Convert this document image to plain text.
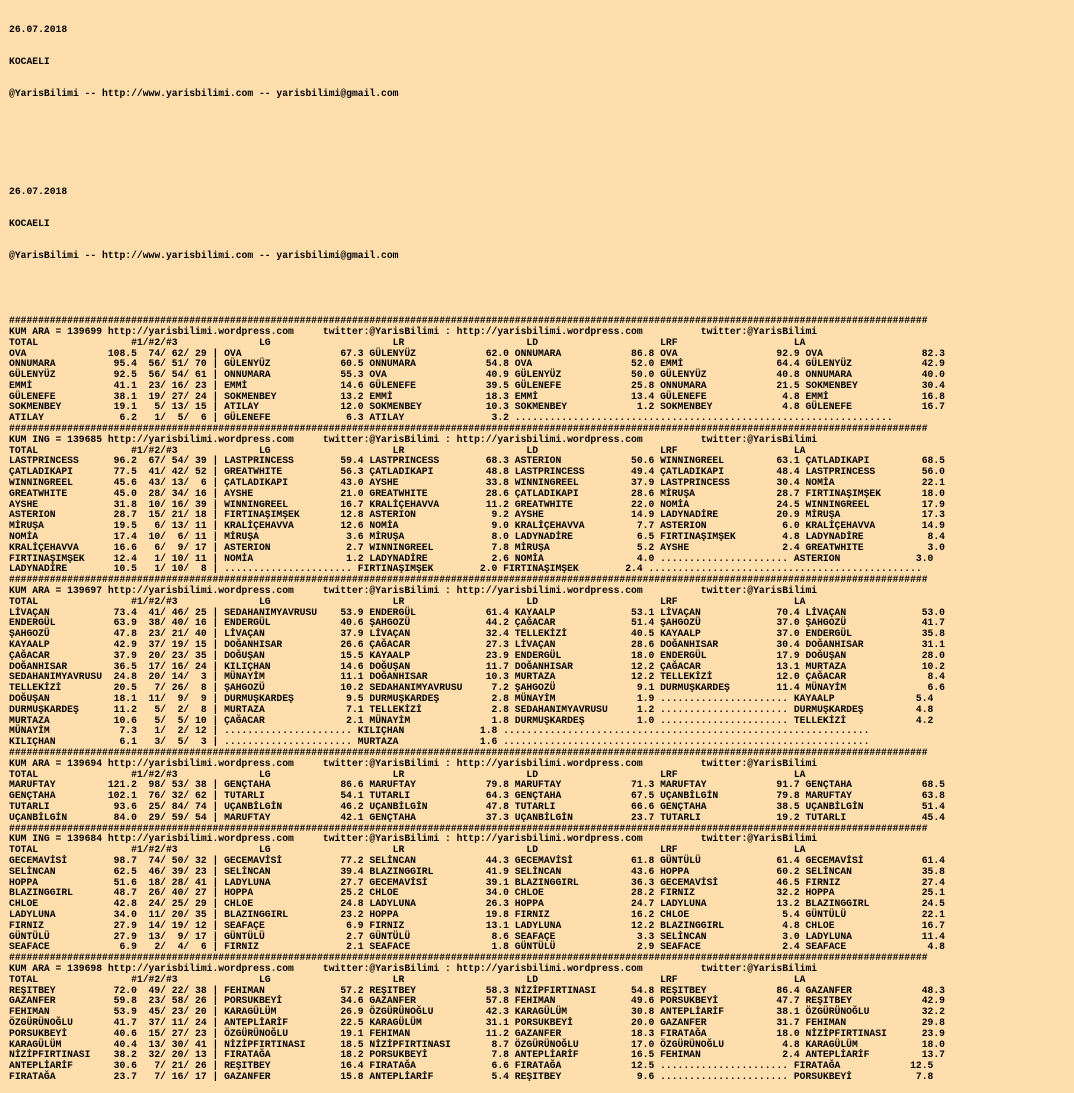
26.07.2018

KOCAELI

@YarisBilimi -- http://www.yarisbilimi.com -- yarisbilimi@gmail.com

26.07.2018

KOCAELI

@YarisBilimi -- http://www.yarisbilimi.com -- yarisbilimi@gmail.com

##############################################################################################################################################################
KUM ARA = 139699 http://yarisbilimi.wordpress.com     twitter:@YarisBilimi : http://yarisbilimi.wordpress.com          twitter:@YarisBilimi
TOTAL                #1/#2/#3              LG                     LR                     LD                     LRF                    LA
OVA              108.5  74/ 62/ 29 | OVA                 67.3 GÜLENYÜZ            62.0 ONNUMARA            86.8 OVA                 92.9 OVA                 82.3
ONNUMARA          95.4  56/ 51/ 70 | GÜLENYÜZ            60.5 ONNUMARA            54.8 OVA                 52.0 EMMİ                64.4 GÜLENYÜZ            42.9
GÜLENYÜZ          92.5  56/ 54/ 61 | ONNUMARA            55.3 OVA                 40.9 GÜLENYÜZ            50.0 GÜLENYÜZ            40.8 ONNUMARA            40.0
EMMİ              41.1  23/ 16/ 23 | EMMİ                14.6 GÜLENEFE            39.5 GÜLENEFE            25.8 ONNUMARA            21.5 SOKMENBEY           30.4
GÜLENEFE          38.1  19/ 27/ 24 | SOKMENBEY           13.2 EMMİ                18.3 EMMİ                13.4 GÜLENEFE             4.8 EMMİ                16.8
SOKMENBEY         19.1   5/ 13/ 15 | ATILAY              12.0 SOKMENBEY           10.3 SOKMENBEY            1.2 SOKMENBEY            4.8 GÜLENEFE            16.7
ATILAY             6.2   1/  5/  6 | GÜLENEFE             6.3 ATILAY               3.2 .................................................................
##############################################################################################################################################################
KUM ING = 139685 http://yarisbilimi.wordpress.com     twitter:@YarisBilimi : http://yarisbilimi.wordpress.com          twitter:@YarisBilimi
TOTAL                #1/#2/#3              LG                     LR                     LD                     LRF                    LA
LASTPRINCESS      96.2  67/ 54/ 39 | LASTPRINCESS        59.4 LASTPRINCESS        68.3 ASTERION            50.6 WINNINGREEL         63.1 ÇATLADIKAPI         68.5
ÇATLADIKAPI       77.5  41/ 42/ 52 | GREATWHITE          56.3 ÇATLADIKAPI         48.8 LASTPRINCESS        49.4 ÇATLADIKAPI         48.4 LASTPRINCESS        56.0
WINNINGREEL       45.6  43/ 13/  6 | ÇATLADIKAPI         43.0 AYSHE               33.8 WINNINGREEL         37.9 LASTPRINCESS        30.4 NOMİA               22.1
GREATWHITE        45.0  28/ 34/ 16 | AYSHE               21.0 GREATWHITE          28.6 ÇATLADIKAPI         28.6 MİRUŞA              28.7 FIRTINAŞIMŞEK       18.0
AYSHE             31.8  10/ 16/ 39 | WINNINGREEL         16.7 KRALİÇEHAVVA        11.2 GREATWHITE          22.0 NOMİA               24.5 WINNINGREEL         17.9
ASTERION          28.7  15/ 21/ 18 | FIRTINAŞIMŞEK       12.8 ASTERION             9.2 AYSHE               14.9 LADYNADİRE          20.9 MİRUŞA              17.3
MİRUŞA            19.5   6/ 13/ 11 | KRALİÇEHAVVA        12.6 NOMİA                9.0 KRALİÇEHAVVA         7.7 ASTERION             6.0 KRALİÇEHAVVA        14.9
NOMİA             17.4  10/  6/ 11 | MİRUŞA               3.6 MİRUŞA               8.0 LADYNADİRE           6.5 FIRTINAŞIMŞEK        4.8 LADYNADİRE           8.4
KRALİÇEHAVVA      16.6   6/  9/ 17 | ASTERION             2.7 WINNINGREEL          7.8 MİRUŞA               5.2 AYSHE                2.4 GREATWHITE           3.0
FIRTINAŞIMŞEK     12.4   1/ 10/ 11 | NOMİA                1.2 LADYNADİRE           2.6 NOMİA                4.0 ...................... ASTERION             3.0
LADYNADİRE        10.5   1/ 10/  8 | ...................... FIRTINAŞIMŞEK        2.0 FIRTINAŞIMŞEK        2.4 ...............................................
##############################################################################################################################################################
KUM ARA = 139697 http://yarisbilimi.wordpress.com     twitter:@YarisBilimi : http://yarisbilimi.wordpress.com          twitter:@YarisBilimi
TOTAL                #1/#2/#3              LG                     LR                     LD                     LRF                    LA
LİVAÇAN           73.4  41/ 46/ 25 | SEDAHANIMYAVRUSU    53.9 ENDERGÜL            61.4 KAYAALP             53.1 LİVAÇAN             70.4 LİVAÇAN             53.0
ENDERGÜL          63.9  38/ 40/ 16 | ENDERGÜL            40.6 ŞAHGOZÜ             44.2 ÇAĞACAR             51.4 ŞAHGOZÜ             37.0 ŞAHGOZÜ             41.7
ŞAHGOZÜ           47.8  23/ 21/ 40 | LİVAÇAN             37.9 LİVAÇAN             32.4 TELLEKİZİ           40.5 KAYAALP             37.0 ENDERGÜL            35.8
KAYAALP           42.9  37/ 19/ 15 | DOĞANHISAR          26.6 ÇAĞACAR             27.3 LİVAÇAN             28.6 DOĞANHISAR          30.4 DOĞANHISAR          31.1
ÇAĞACAR           37.9  20/ 23/ 35 | DOĞUŞAN             15.5 KAYAALP             23.9 ENDERGÜL            18.0 ENDERGÜL            17.9 DOĞUŞAN             28.0
DOĞANHISAR        36.5  17/ 16/ 24 | KILIÇHAN            14.6 DOĞUŞAN             11.7 DOĞANHISAR          12.2 ÇAĞACAR             13.1 MURTAZA             10.2
SEDAHANIMYAVRUSU  24.8  20/ 14/  3 | MÜNAYİM             11.1 DOĞANHISAR          10.3 MURTAZA             12.2 TELLEKİZİ           12.0 ÇAĞACAR              8.4
TELLEKİZİ         20.5   7/ 26/  8 | ŞAHGOZÜ             10.2 SEDAHANIMYAVRUSU     7.2 ŞAHGOZÜ              9.1 DURMUŞKARDEŞ        11.4 MÜNAYİM              6.6
DOĞUŞAN           18.1  11/  9/  9 | DURMUŞKARDEŞ         9.5 DURMUŞKARDEŞ         2.8 MÜNAYİM              1.9 ...................... KAYAALP              5.4
DURMUŞKARDEŞ      11.2   5/  2/  8 | MURTAZA              7.1 TELLEKİZİ            2.8 SEDAHANIMYAVRUSU     1.2 ...................... DURMUŞKARDEŞ         4.8
MURTAZA           10.6   5/  5/ 10 | ÇAĞACAR              2.1 MÜNAYİM              1.8 DURMUŞKARDEŞ         1.0 ...................... TELLEKİZİ            4.2
MÜNAYİM            7.3   1/  2/ 12 | ...................... KILIÇHAN             1.8 ...............................................................
KILIÇHAN           6.1   3/  5/  3 | ...................... MURTAZA              1.6 ...............................................................
##############################################################################################################################################################
KUM ARA = 139694 http://yarisbilimi.wordpress.com     twitter:@YarisBilimi : http://yarisbilimi.wordpress.com          twitter:@YarisBilimi
TOTAL                #1/#2/#3              LG                     LR                     LD                     LRF                    LA
MARUFTAY         121.2  98/ 53/ 38 | GENÇTAHA            86.6 MARUFTAY            79.8 MARUFTAY            71.3 MARUFTAY            91.7 GENÇTAHA            68.5
GENÇTAHA         102.1  76/ 32/ 62 | TUTARLI             54.1 TUTARLI             64.3 GENÇTAHA            67.5 UÇANBİLGİN          79.8 MARUFTAY            63.8
TUTARLI           93.6  25/ 84/ 74 | UÇANBİLGİN          46.2 UÇANBİLGİN          47.8 TUTARLI             66.6 GENÇTAHA            38.5 UÇANBİLGİN          51.4
UÇANBİLGİN        84.0  29/ 59/ 54 | MARUFTAY            42.1 GENÇTAHA            37.3 UÇANBİLGİN          23.7 TUTARLI             19.2 TUTARLI             45.4
##############################################################################################################################################################
KUM ING = 139684 http://yarisbilimi.wordpress.com     twitter:@YarisBilimi : http://yarisbilimi.wordpress.com          twitter:@YarisBilimi
TOTAL                #1/#2/#3              LG                     LR                     LD                     LRF                    LA
GECEMAVİSİ        98.7  74/ 50/ 32 | GECEMAVİSİ          77.2 SELİNCAN            44.3 GECEMAVİSİ          61.8 GÜNTÜLÜ             61.4 GECEMAVİSİ          61.4
SELİNCAN          62.5  46/ 39/ 23 | SELİNCAN            39.4 BLAZINGGIRL         41.9 SELİNCAN            43.6 HOPPA               60.2 SELİNCAN            35.8
HOPPA             51.6  18/ 28/ 41 | LADYLUNA            27.7 GECEMAVİSİ          39.1 BLAZINGGIRL         36.3 GECEMAVİSİ          46.5 FIRNIZ              27.4
BLAZINGGIRL       48.7  26/ 40/ 27 | HOPPA               25.2 CHLOE               34.0 CHLOE               28.2 FIRNIZ              32.2 HOPPA               25.1
CHLOE             42.8  24/ 25/ 29 | CHLOE               24.8 LADYLUNA            26.3 HOPPA               24.7 LADYLUNA            13.2 BLAZINGGIRL         24.5
LADYLUNA          34.0  11/ 20/ 35 | BLAZINGGIRL         23.2 HOPPA               19.8 FIRNIZ              16.2 CHLOE                5.4 GÜNTÜLÜ             22.1
FIRNIZ            27.9  14/ 19/ 12 | SEAFAÇE              6.9 FIRNIZ              13.1 LADYLUNA            12.2 BLAZINGGIRL          4.8 CHLOE               16.7
GÜNTÜLÜ           27.9  13/  9/ 17 | GÜNTÜLÜ              2.7 GÜNTÜLÜ              8.6 SEAFAÇE              3.3 SELİNCAN             3.0 LADYLUNA            11.4
SEAFACE            6.9   2/  4/  6 | FIRNIZ               2.1 SEAFACE              1.8 GÜNTÜLÜ              2.9 SEAFACE              2.4 SEAFACE              4.8
##############################################################################################################################################################
KUM ARA = 139698 http://yarisbilimi.wordpress.com     twitter:@YarisBilimi : http://yarisbilimi.wordpress.com          twitter:@YarisBilimi
TOTAL                #1/#2/#3              LG                     LR                     LD                     LRF                    LA
REŞITBEY          72.0  49/ 22/ 38 | FEHIMAN             57.2 REŞITBEY            58.3 NİZİPFIRTINASI      54.8 REŞITBEY            86.4 GAZANFER            48.3
GAZANFER          59.8  23/ 58/ 26 | PORSUKBEYİ          34.6 GAZANFER            57.8 FEHIMAN             49.6 PORSUKBEYİ          47.7 REŞITBEY            42.9
FEHIMAN           53.9  45/ 23/ 20 | KARAGÜLÜM           26.9 ÖZGÜRÜNOĞLU         42.3 KARAGÜLÜM           30.8 ANTEPLİARİF         38.1 ÖZGÜRÜNOĞLU         32.2
ÖZGÜRÜNOĞLU       41.7  37/ 11/ 24 | ANTEPLİARİF         22.5 KARAGÜLÜM           31.1 PORSUKBEYİ          20.0 GAZANFER            31.7 FEHIMAN             29.8
PORSUKBEYİ        40.6  15/ 27/ 23 | ÖZGÜRÜNOĞLU         19.1 FEHIMAN             11.2 GAZANFER            18.3 FIRATAĞA            18.0 NİZİPFIRTINASI      23.9
KARAGÜLÜM         40.4  13/ 30/ 41 | NİZİPFIRTINASI      18.5 NİZİPFIRTINASI       8.7 ÖZGÜRÜNOĞLU         17.0 ÖZGÜRÜNOĞLU          4.8 KARAGÜLÜM           18.0
NİZİPFIRTINASI    38.2  32/ 20/ 13 | FIRATAĞA            18.2 PORSUKBEYİ           7.8 ANTEPLİARİF         16.5 FEHIMAN              2.4 ANTEPLİARİF         13.7
ANTEPLİARİF       30.6   7/ 21/ 26 | REŞITBEY            16.4 FIRATAĞA             6.6 FIRATAĞA            12.5 ...................... FIRATAĞA            12.5
FIRATAĞA          23.7   7/ 16/ 17 | GAZANFER            15.8 ANTEPLİARİF          5.4 REŞITBEY             9.6 ...................... PORSUKBEYİ           7.8
